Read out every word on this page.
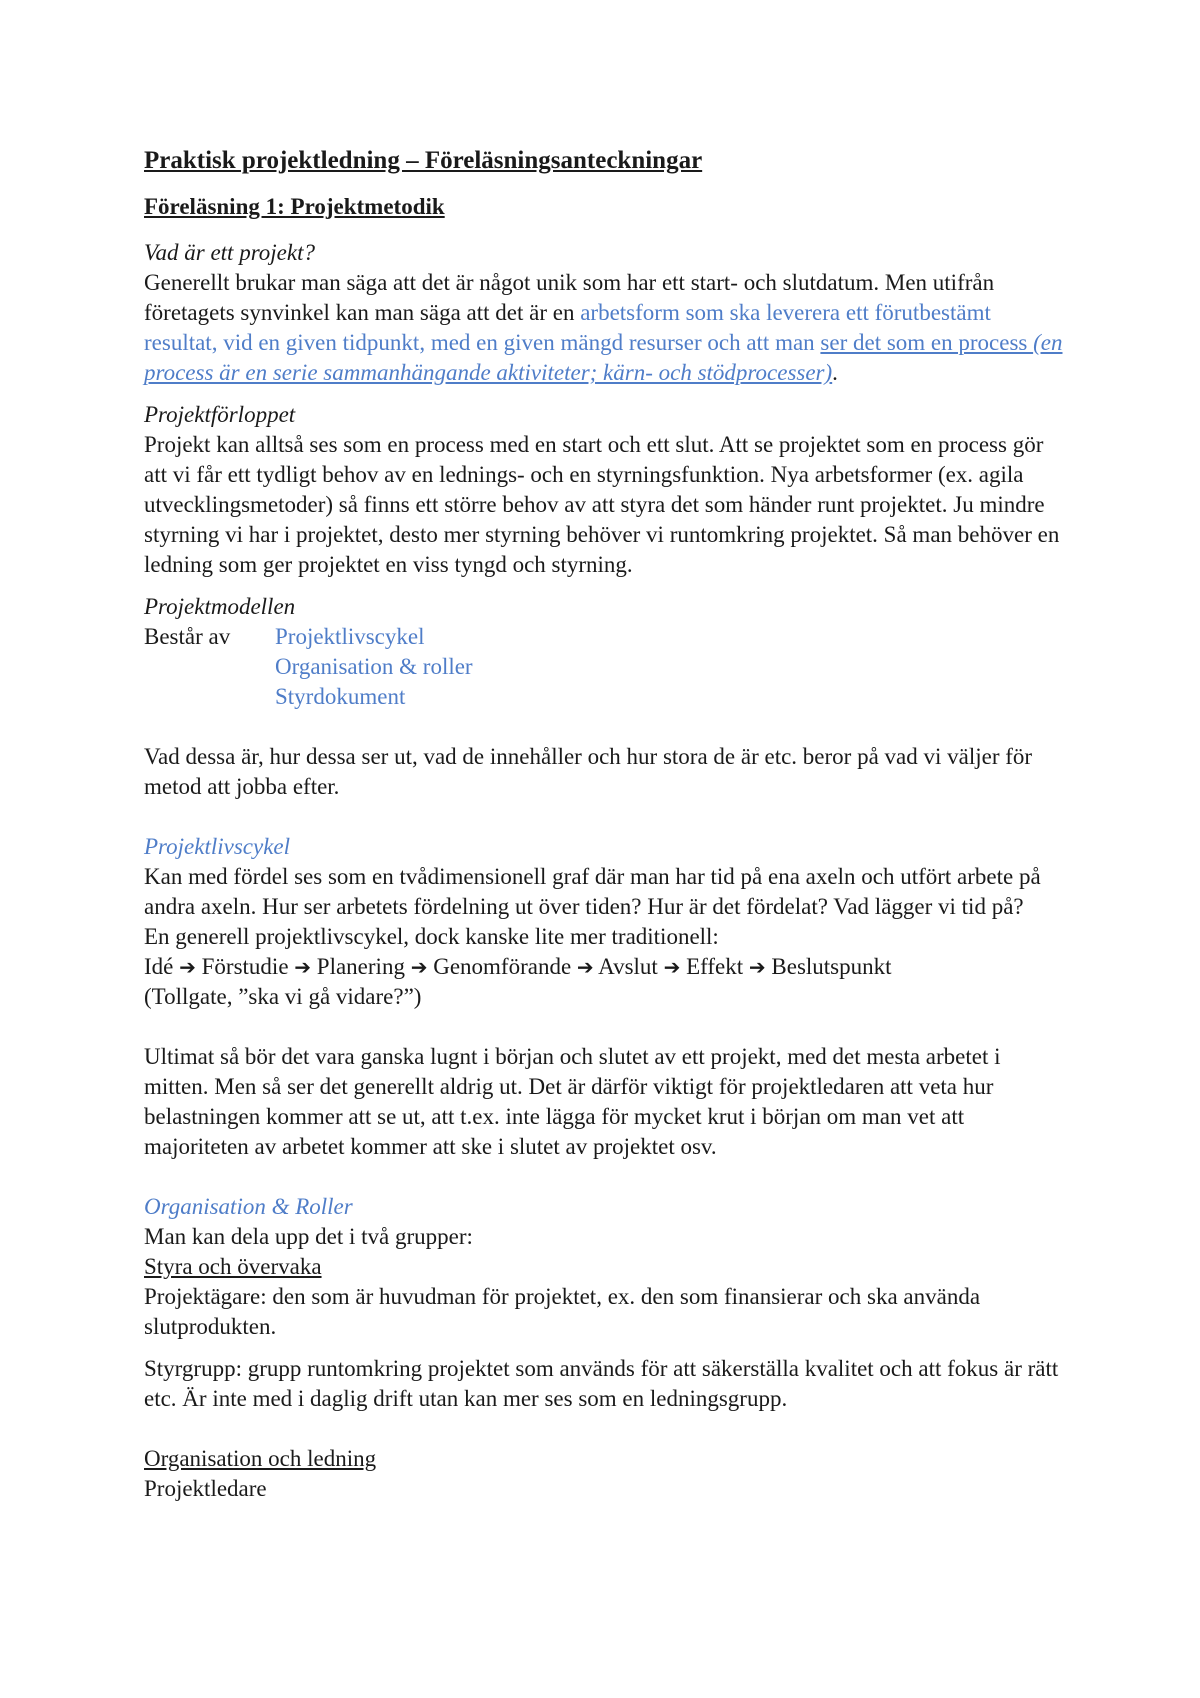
Praktisk projektledning – Föreläsningsanteckningar

Föreläsning 1: Projektmetodik

Vad är ett projekt?

Generellt brukar man säga att det är något unik som har ett start- och slutdatum. Men utifrån företagets synvinkel kan man säga att det är en arbetsform som ska leverera ett förutbestämt resultat, vid en given tidpunkt, med en given mängd resurser och att man ser det som en process (en process är en serie sammanhängande aktiviteter; kärn- och stödprocesser).

Projektförloppet

Projekt kan alltså ses som en process med en start och ett slut. Att se projektet som en process gör att vi får ett tydligt behov av en lednings- och en styrningsfunktion. Nya arbetsformer (ex. agila utvecklingsmetoder) så finns ett större behov av att styra det som händer runt projektet. Ju mindre styrning vi har i projektet, desto mer styrning behöver vi runtomkring projektet. Så man behöver en ledning som ger projektet en viss tyngd och styrning.

Projektmodellen

Består av	Projektlivscykel

Organisation & roller

Styrdokument

Vad dessa är, hur dessa ser ut, vad de innehåller och hur stora de är etc. beror på vad vi väljer för metod att jobba efter.

Projektlivscykel

Kan med fördel ses som en tvådimensionell graf där man har tid på ena axeln och utfört arbete på andra axeln. Hur ser arbetets fördelning ut över tiden? Hur är det fördelat? Vad lägger vi tid på?

En generell projektlivscykel, dock kanske lite mer traditionell:

Idé ➔ Förstudie ➔ Planering ➔ Genomförande ➔ Avslut ➔ Effekt ➔ Beslutspunkt

(Tollgate, ”ska vi gå vidare?”)

Ultimat så bör det vara ganska lugnt i början och slutet av ett projekt, med det mesta arbetet i mitten. Men så ser det generellt aldrig ut. Det är därför viktigt för projektledaren att veta hur belastningen kommer att se ut, att t.ex. inte lägga för mycket krut i början om man vet att majoriteten av arbetet kommer att ske i slutet av projektet osv.

Organisation & Roller

Man kan dela upp det i två grupper:

Styra och övervaka

Projektägare: den som är huvudman för projektet, ex. den som finansierar och ska använda slutprodukten.

Styrgrupp: grupp runtomkring projektet som används för att säkerställa kvalitet och att fokus är rätt etc. Är inte med i daglig drift utan kan mer ses som en ledningsgrupp.

Organisation och ledning

Projektledare
